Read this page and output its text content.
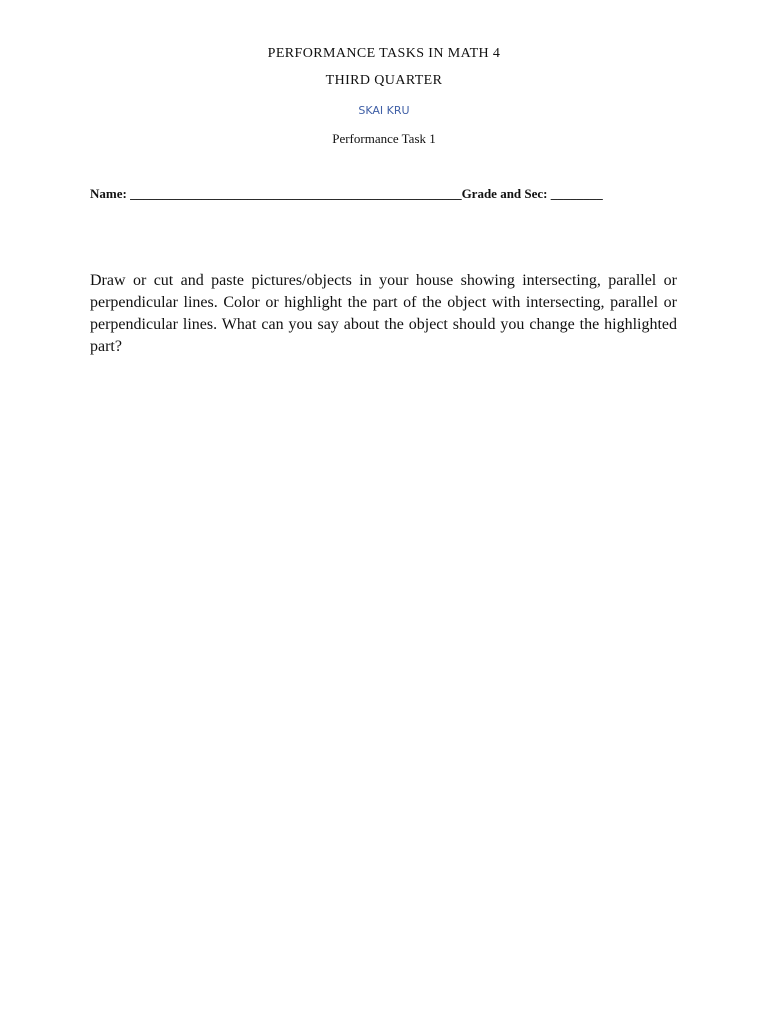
PERFORMANCE TASKS IN MATH 4
THIRD QUARTER
SKAI KRU
Performance Task 1
Name: ___________________________________________________Grade and Sec: ________
Draw or cut and paste pictures/objects in your house showing intersecting, parallel or perpendicular lines. Color or highlight the part of the object with intersecting, parallel or perpendicular lines. What can you say about the object should you change the highlighted part?
